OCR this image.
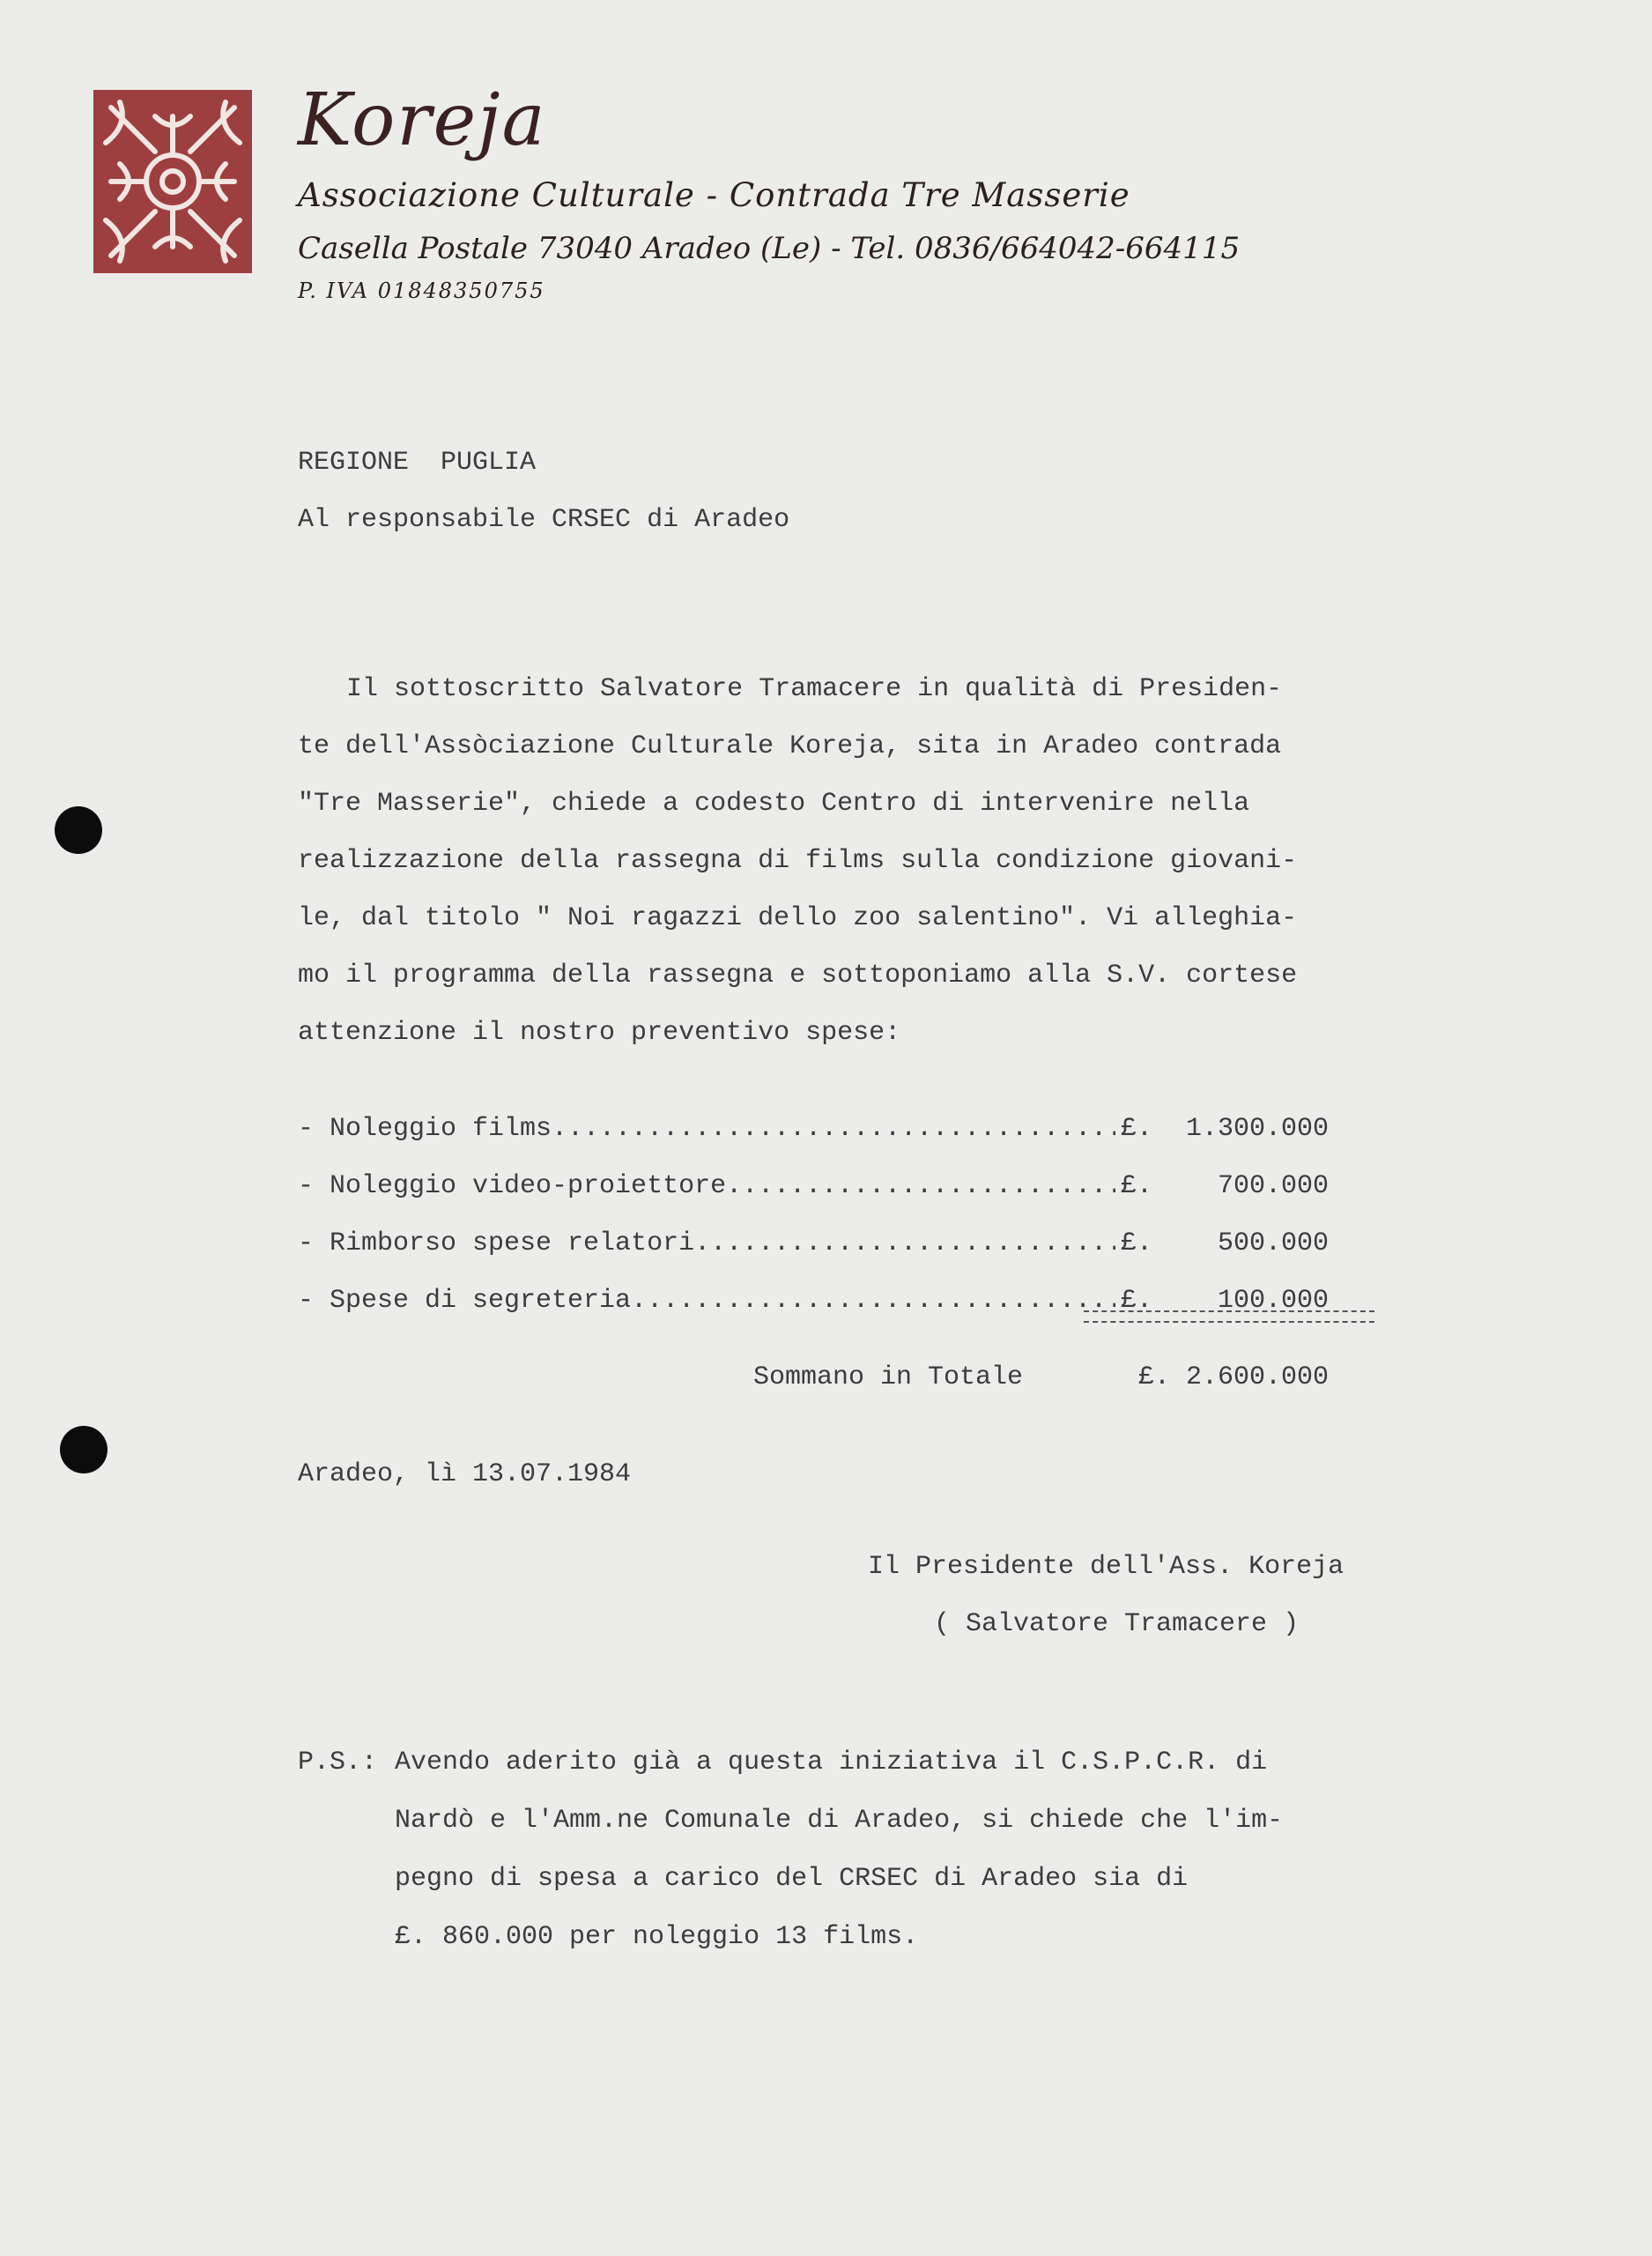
Koreja
Associazione Culturale - Contrada Tre Masserie
Casella Postale 73040 Aradeo (Le) - Tel. 0836/664042-664115
P. IVA 01848350755
REGIONE  PUGLIA
Al responsabile CRSEC di Aradeo
Il sottoscritto Salvatore Tramacere in qualità di Presiden-
te dell'Assòciazione Culturale Koreja, sita in Aradeo contrada
"Tre Masserie", chiede a codesto Centro di intervenire nella
realizzazione della rassegna di films sulla condizione giovani-
le, dal titolo " Noi ragazzi dello zoo salentino". Vi alleghia-
mo il programma della rassegna e sottoponiamo alla S.V. cortese
attenzione il nostro preventivo spese:
- Noleggio films .....	£.	1.300.000
- Noleggio video-proiettore .....	£.	700.000
- Rimborso spese relatori .....	£.	500.000
- Spese di segreteria .....	£.	100.000
Sommano in Totale	£. 2.600.000
Aradeo, lì 13.07.1984
Il Presidente dell'Ass. Koreja
( Salvatore Tramacere )
P.S.: Avendo aderito già a questa iniziativa il C.S.P.C.R. di
Nardò e l'Amm.ne Comunale di Aradeo, si chiede che l'im-
pegno di spesa a carico del CRSEC di Aradeo sia di
£. 860.000 per noleggio 13 films.
